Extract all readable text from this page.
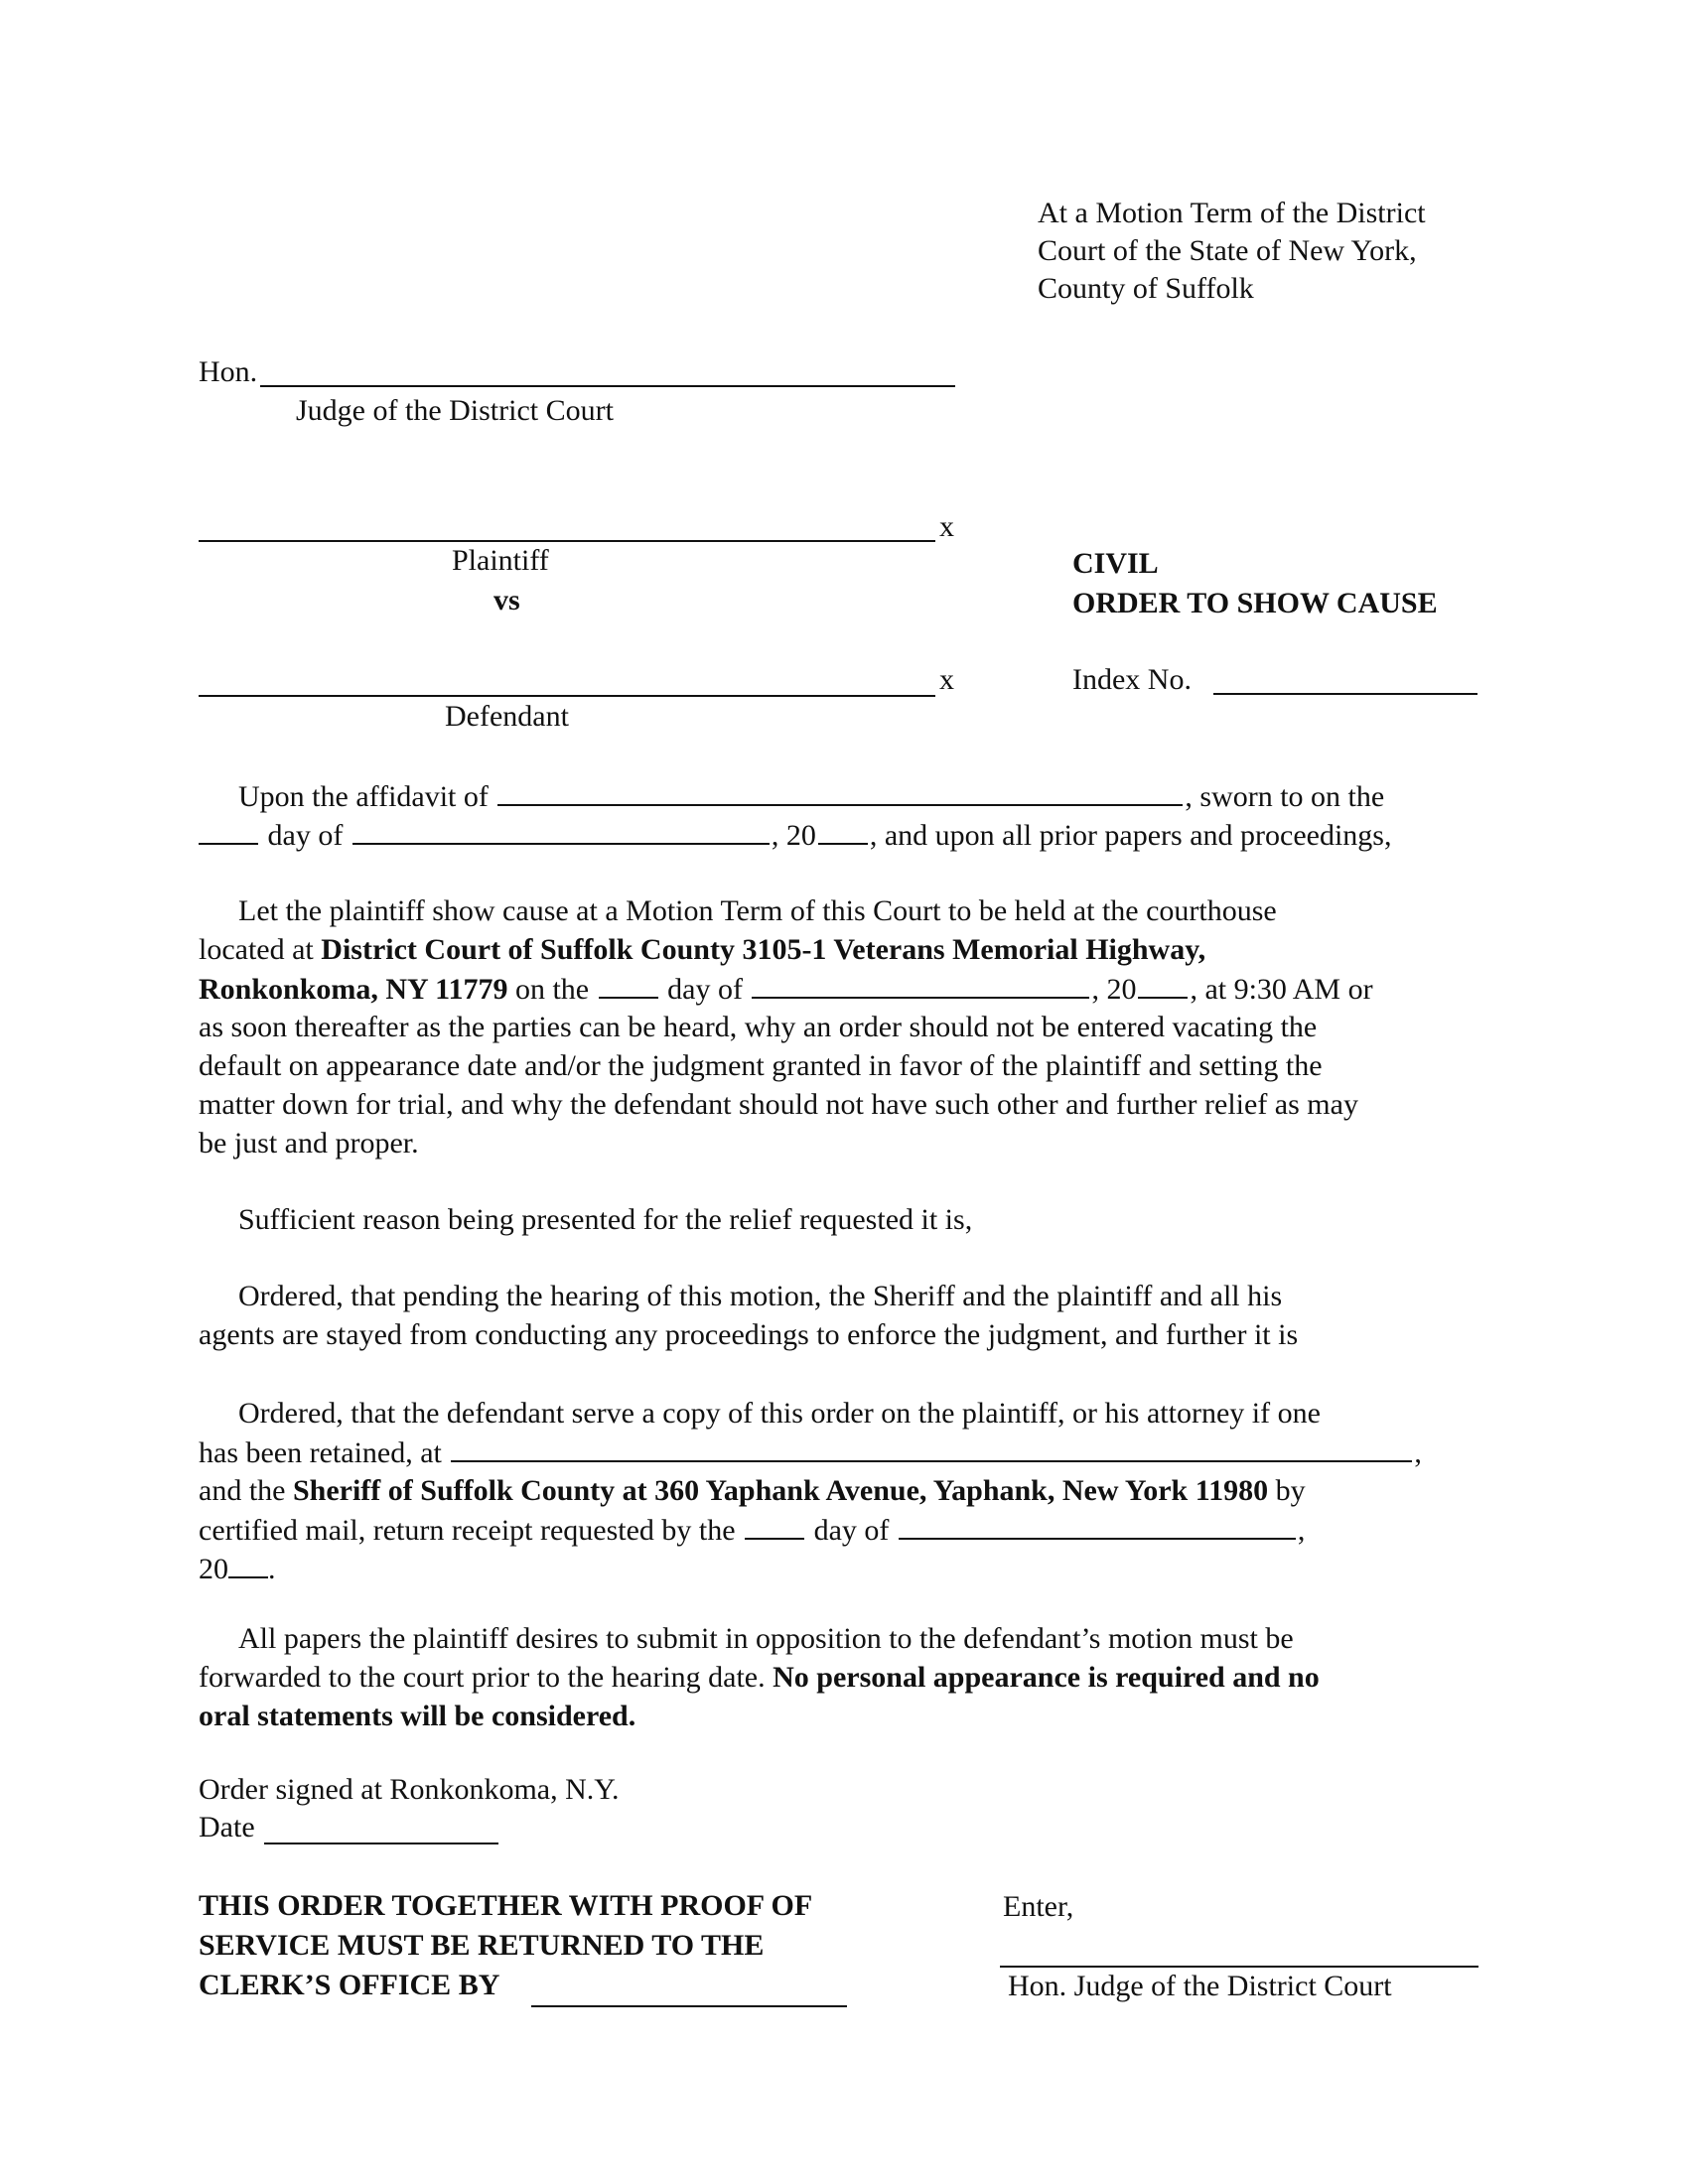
At a Motion Term of the District
Court of the State of New York,
County of Suffolk
Hon.
Judge of the District Court
x
Plaintiff
vs
x
Defendant
CIVIL
ORDER TO SHOW CAUSE
Index No.
Upon the affidavit of	, sworn to on the
day of	, 20 , and upon all prior papers and proceedings,
Let the plaintiff show cause at a Motion Term of this Court to be held at the courthouse
located at District Court of Suffolk County 3105-1 Veterans Memorial Highway,
Ronkonkoma, NY 11779 on the	day of	, 20 , at 9:30 AM or
as soon thereafter as the parties can be heard, why an order should not be entered vacating the
default on appearance date and/or the judgment granted in favor of the plaintiff and setting the
matter down for trial, and why the defendant should not have such other and further relief as may
be just and proper.
Sufficient reason being presented for the relief requested it is,
Ordered, that pending the hearing of this motion, the Sheriff and the plaintiff and all his
agents are stayed from conducting any proceedings to enforce the judgment, and further it is
Ordered, that the defendant serve a copy of this order on the plaintiff, or his attorney if one
has been retained, at	,
and the Sheriff of Suffolk County at 360 Yaphank Avenue, Yaphank, New York 11980 by
certified mail, return receipt requested by the	day of	,
20 .
All papers the plaintiff desires to submit in opposition to the defendant’s motion must be
forwarded to the court prior to the hearing date. No personal appearance is required and no
oral statements will be considered.
Order signed at Ronkonkoma, N.Y.
Date
THIS ORDER TOGETHER WITH PROOF OF
SERVICE MUST BE RETURNED TO THE
CLERK’S OFFICE BY
Enter,
Hon. Judge of the District Court
